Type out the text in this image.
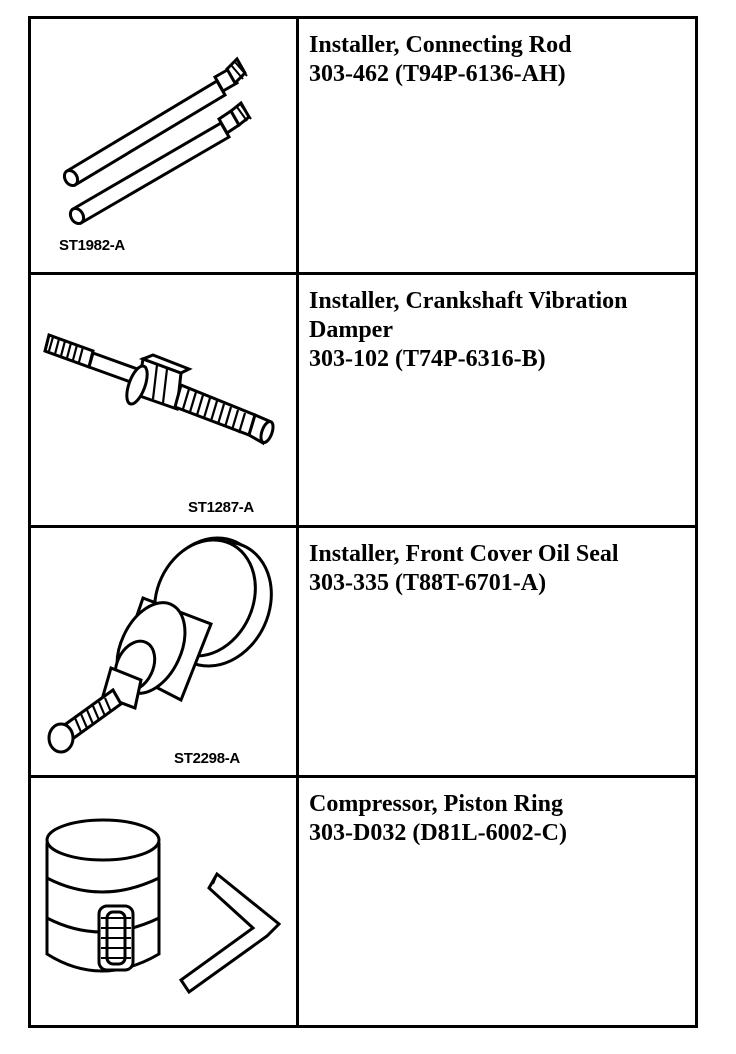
ST1982-A
Installer, Connecting Rod
303-462 (T94P-6136-AH)
ST1287-A
Installer, Crankshaft Vibration Damper
303-102 (T74P-6316-B)
ST2298-A
Installer, Front Cover Oil Seal
303-335 (T88T-6701-A)
Compressor, Piston Ring
303-D032 (D81L-6002-C)
